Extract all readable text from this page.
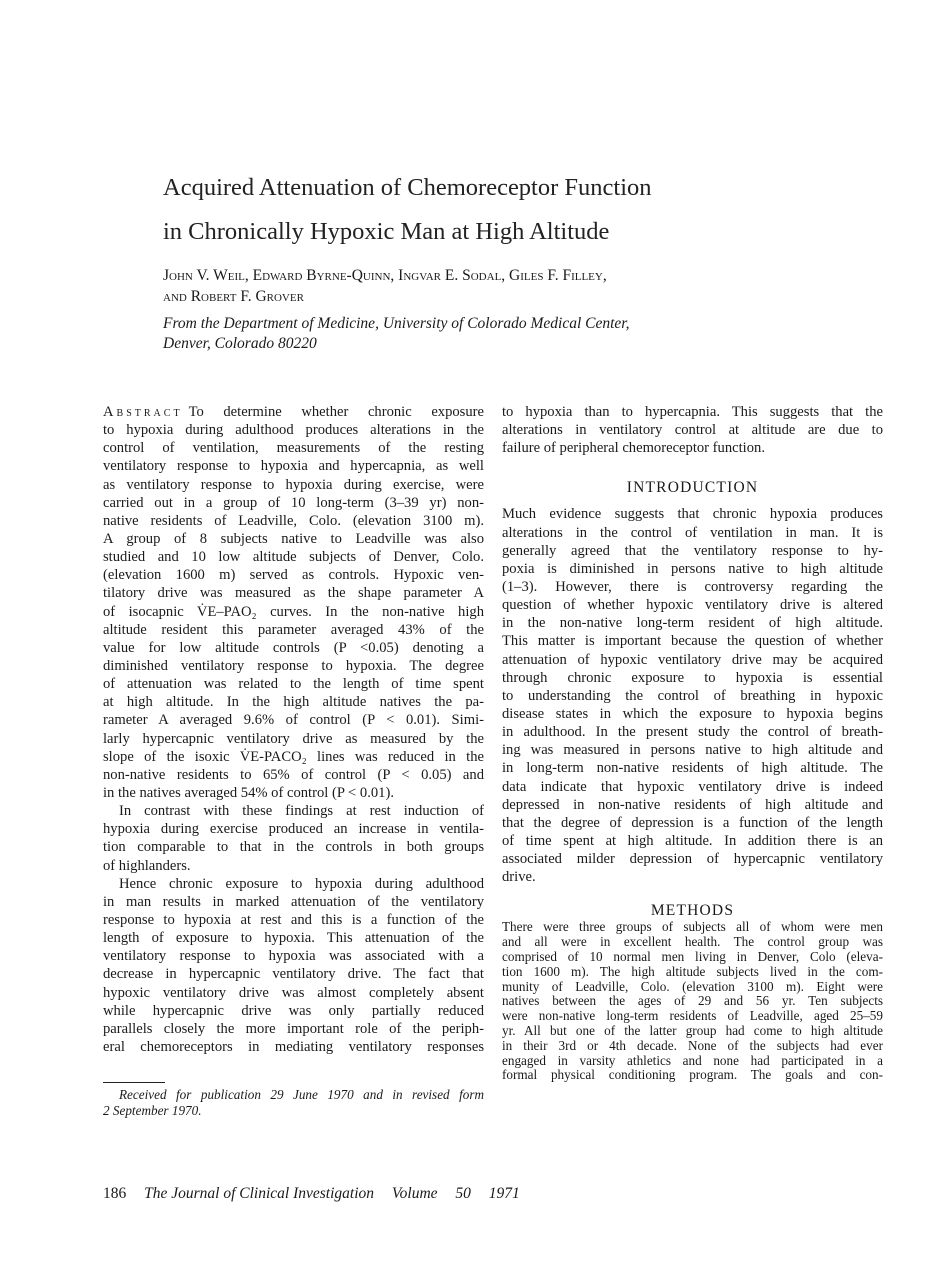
Acquired Attenuation of Chemoreceptor Function
in Chronically Hypoxic Man at High Altitude
John V. Weil, Edward Byrne-Quinn, Ingvar E. Sodal, Giles F. Filley,
and Robert F. Grover
From the Department of Medicine, University of Colorado Medical Center,
Denver, Colorado 80220
Abstract To determine whether chronic exposure
to hypoxia during adulthood produces alterations in the
control of ventilation, measurements of the resting
ventilatory response to hypoxia and hypercapnia, as well
as ventilatory response to hypoxia during exercise, were
carried out in a group of 10 long-term (3–39 yr) non-
native residents of Leadville, Colo. (elevation 3100 m).
A group of 8 subjects native to Leadville was also
studied and 10 low altitude subjects of Denver, Colo.
(elevation 1600 m) served as controls. Hypoxic ven-
tilatory drive was measured as the shape parameter A
of isocapnic V̇E–PAO₂ curves. In the non-native high
altitude resident this parameter averaged 43% of the
value for low altitude controls (P <0.05) denoting a
diminished ventilatory response to hypoxia. The degree
of attenuation was related to the length of time spent
at high altitude. In the high altitude natives the pa-
rameter A averaged 9.6% of control (P < 0.01). Simi-
larly hypercapnic ventilatory drive as measured by the
slope of the isoxic V̇E-PACO₂ lines was reduced in the
non-native residents to 65% of control (P < 0.05) and
in the natives averaged 54% of control (P < 0.01).
In contrast with these findings at rest induction of
hypoxia during exercise produced an increase in ventila-
tion comparable to that in the controls in both groups
of highlanders.
Hence chronic exposure to hypoxia during adulthood
in man results in marked attenuation of the ventilatory
response to hypoxia at rest and this is a function of the
length of exposure to hypoxia. This attenuation of the
ventilatory response to hypoxia was associated with a
decrease in hypercapnic ventilatory drive. The fact that
hypoxic ventilatory drive was almost completely absent
while hypercapnic drive was only partially reduced
parallels closely the more important role of the periph-
eral chemoreceptors in mediating ventilatory responses
to hypoxia than to hypercapnia. This suggests that the
alterations in ventilatory control at altitude are due to
failure of peripheral chemoreceptor function.
INTRODUCTION
Much evidence suggests that chronic hypoxia produces
alterations in the control of ventilation in man. It is
generally agreed that the ventilatory response to hy-
poxia is diminished in persons native to high altitude
(1–3). However, there is controversy regarding the
question of whether hypoxic ventilatory drive is altered
in the non-native long-term resident of high altitude.
This matter is important because the question of whether
attenuation of hypoxic ventilatory drive may be acquired
through chronic exposure to hypoxia is essential
to understanding the control of breathing in hypoxic
disease states in which the exposure to hypoxia begins
in adulthood. In the present study the control of breath-
ing was measured in persons native to high altitude and
in long-term non-native residents of high altitude. The
data indicate that hypoxic ventilatory drive is indeed
depressed in non-native residents of high altitude and
that the degree of depression is a function of the length
of time spent at high altitude. In addition there is an
associated milder depression of hypercapnic ventilatory
drive.
METHODS
There were three groups of subjects all of whom were men
and all were in excellent health. The control group was
comprised of 10 normal men living in Denver, Colo (eleva-
tion 1600 m). The high altitude subjects lived in the com-
munity of Leadville, Colo. (elevation 3100 m). Eight were
natives between the ages of 29 and 56 yr. Ten subjects
were non-native long-term residents of Leadville, aged 25–59
yr. All but one of the latter group had come to high altitude
in their 3rd or 4th decade. None of the subjects had ever
engaged in varsity athletics and none had participated in a
formal physical conditioning program. The goals and con-
Received for publication 29 June 1970 and in revised form
2 September 1970.
186 The Journal of Clinical Investigation Volume 50 1971
